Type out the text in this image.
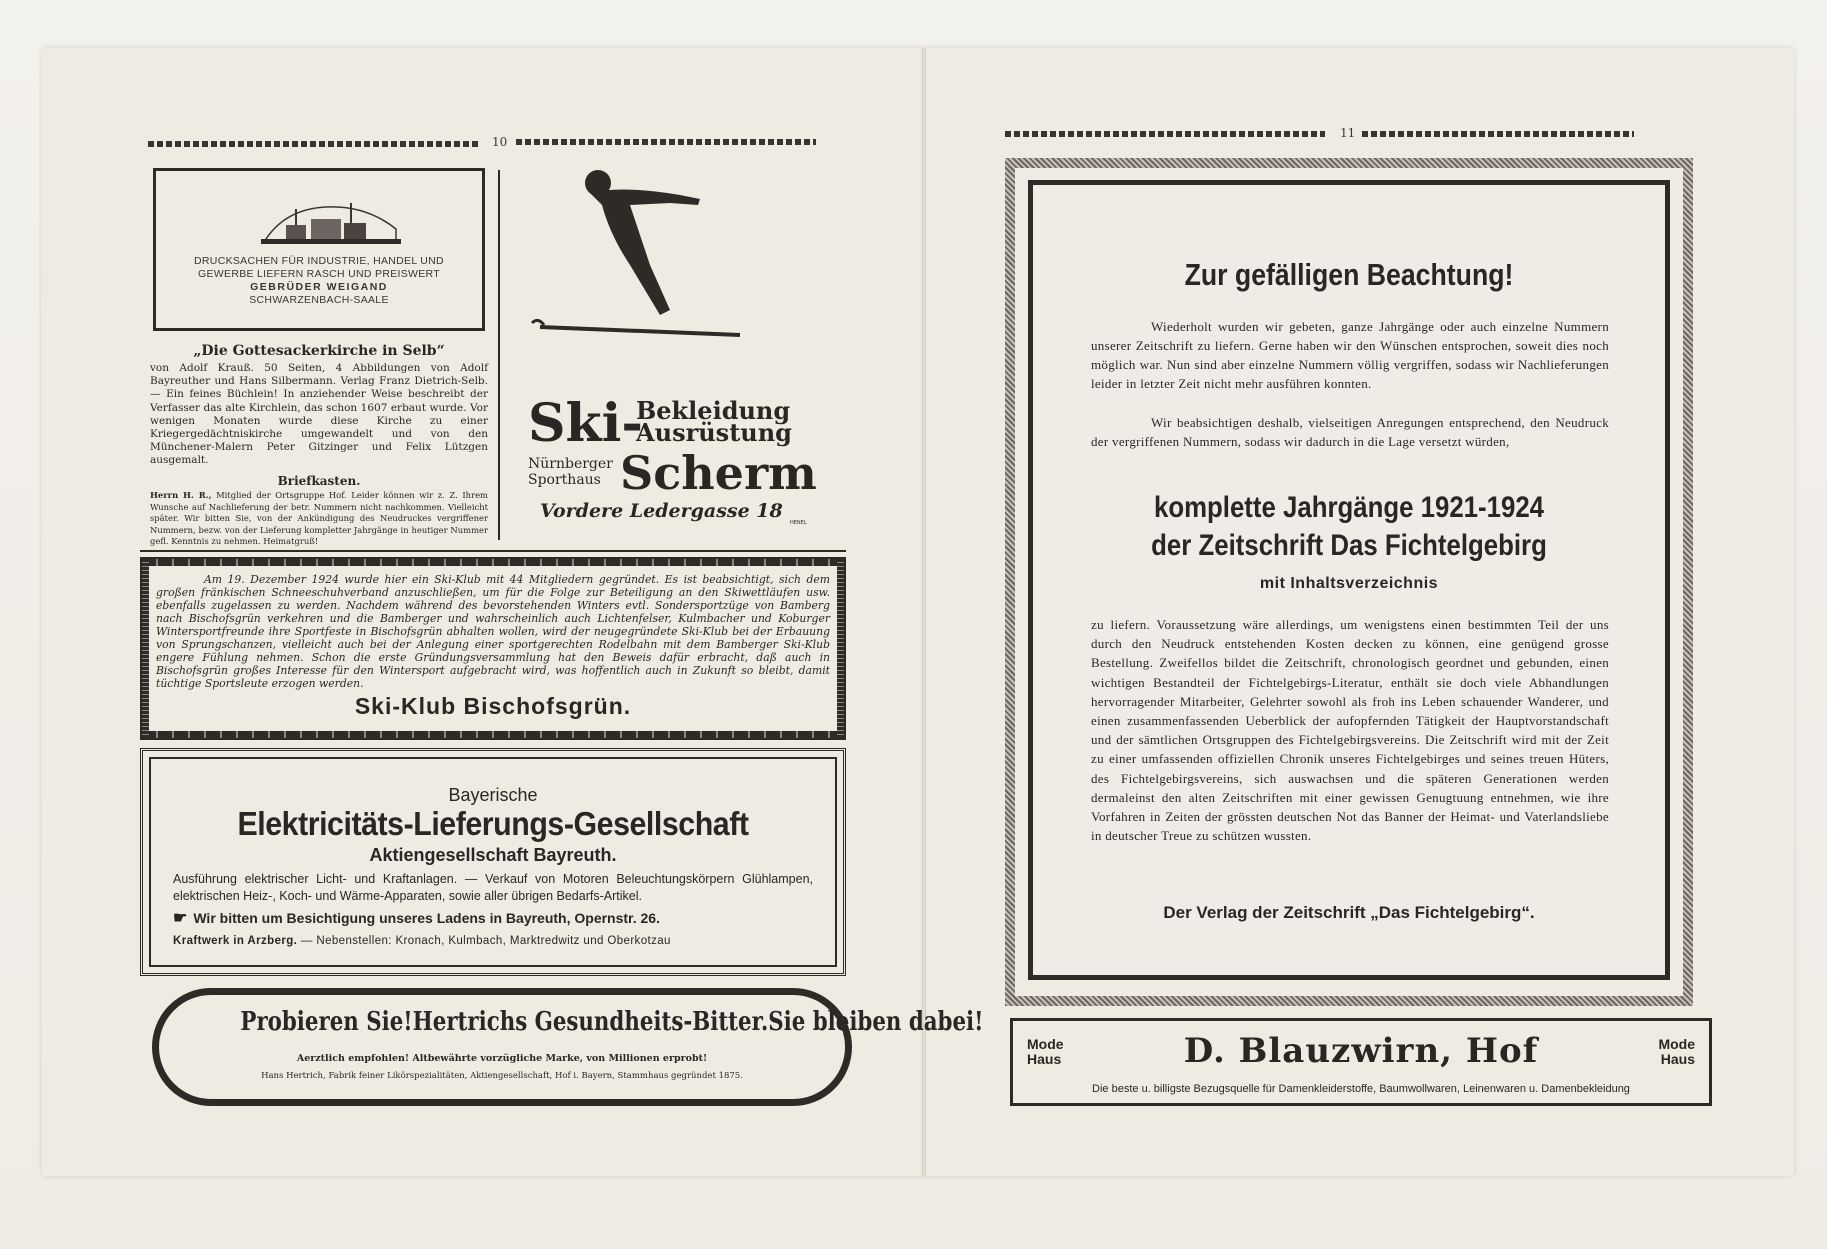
10
11
DRUCKSACHEN FÜR INDUSTRIE, HANDEL UND
GEWERBE LIEFERN RASCH UND PREISWERT
GEBRÜDER WEIGAND
SCHWARZENBACH-SAALE
„Die Gottesackerkirche in Selb“
von Adolf Krauß. 50 Seiten, 4 Abbildungen von Adolf Bayreuther und Hans Silbermann. Verlag Franz Dietrich-Selb.— Ein feines Büchlein! In anziehender Weise beschreibt der Verfasser das alte Kirchlein, das schon 1607 erbaut wurde. Vor wenigen Monaten wurde diese Kirche zu einer Kriegergedächtniskirche umgewandelt und von den Münchener-Malern Peter Gitzinger und Felix Lützgen ausgemalt.
Briefkasten.
Herrn H. R., Mitglied der Ortsgruppe Hof. Leider können wir z. Z. Ihrem Wunsche auf Nachlieferung der betr. Nummern nicht nachkommen. Vielleicht später. Wir bitten Sie, von der Ankündigung des Neudruckes vergriffener Nummern, bezw. von der Lieferung kompletter Jahrgänge in heutiger Nummer gefl. Kenntnis zu nehmen. Heimatgruß!
Ski-
Bekleidung
Ausrüstung
Nürnberger
Sporthaus Scherm
Vordere Ledergasse 18
HENEL
Am 19. Dezember 1924 wurde hier ein Ski-Klub mit 44 Mitgliedern gegründet. Es ist beabsichtigt, sich dem großen fränkischen Schneeschuhverband anzuschließen, um für die Folge zur Beteiligung an den Skiwettläufen usw. ebenfalls zugelassen zu werden. Nachdem während des bevorstehenden Winters evtl. Sondersportzüge von Bamberg nach Bischofsgrün verkehren und die Bamberger und wahrscheinlich auch Lichtenfelser, Kulmbacher und Koburger Wintersportfreunde ihre Sportfeste in Bischofsgrün abhalten wollen, wird der neugegründete Ski-Klub bei der Erbauung von Sprungschanzen, vielleicht auch bei der Anlegung einer sportgerechten Rodelbahn mit dem Bamberger Ski-Klub engere Fühlung nehmen. Schon die erste Gründungsversammlung hat den Beweis dafür erbracht, daß auch in Bischofsgrün großes Interesse für den Wintersport aufgebracht wird, was hoffentlich auch in Zukunft so bleibt, damit tüchtige Sportsleute erzogen werden.
Ski-Klub Bischofsgrün.
Bayerische
Elektricitäts-Lieferungs-Gesellschaft
Aktiengesellschaft Bayreuth.
Ausführung elektrischer Licht- und Kraftanlagen. — Verkauf von Motoren Beleuchtungskörpern Glühlampen, elektrischen Heiz-, Koch- und Wärme-Apparaten, sowie aller übrigen Bedarfs-Artikel.
☛ Wir bitten um Besichtigung unseres Ladens in Bayreuth, Opernstr. 26.
Kraftwerk in Arzberg. — Nebenstellen: Kronach, Kulmbach, Marktredwitz und Oberkotzau
Probieren Sie! Hertrichs Gesundheits-Bitter. Sie bleiben dabei!
Aerztlich empfohlen! Altbewährte vorzügliche Marke, von Millionen erprobt!
Hans Hertrich, Fabrik feiner Likörspezialitäten, Aktiengesellschaft, Hof i. Bayern, Stammhaus gegründet 1875.
Zur gefälligen Beachtung!
Wiederholt wurden wir gebeten, ganze Jahrgänge oder auch einzelne Nummern unserer Zeitschrift zu liefern. Gerne haben wir den Wünschen entsprochen, soweit dies noch möglich war. Nun sind aber einzelne Nummern völlig vergriffen, sodass wir Nachlieferungen leider in letzter Zeit nicht mehr ausführen konnten.
Wir beabsichtigen deshalb, vielseitigen Anregungen entsprechend, den Neudruck der vergriffenen Nummern, sodass wir dadurch in die Lage versetzt würden,
komplette Jahrgänge 1921-1924
der Zeitschrift Das Fichtelgebirg
mit Inhaltsverzeichnis
zu liefern. Voraussetzung wäre allerdings, um wenigstens einen bestimmten Teil der uns durch den Neudruck entstehenden Kosten decken zu können, eine genügend grosse Bestellung. Zweifellos bildet die Zeitschrift, chronologisch geordnet und gebunden, einen wichtigen Bestandteil der Fichtelgebirgs-Literatur, enthält sie doch viele Abhandlungen hervorragender Mitarbeiter, Gelehrter sowohl als froh ins Leben schauender Wanderer, und einen zusammenfassenden Ueberblick der aufopfernden Tätigkeit der Hauptvorstandschaft und der sämtlichen Ortsgruppen des Fichtelgebirgsvereins. Die Zeitschrift wird mit der Zeit zu einer umfassenden offiziellen Chronik unseres Fichtelgebirges und seines treuen Hüters, des Fichtelgebirgsvereins, sich auswachsen und die späteren Generationen werden dermaleinst den alten Zeitschriften mit einer gewissen Genugtuung entnehmen, wie ihre Vorfahren in Zeiten der grössten deutschen Not das Banner der Heimat- und Vaterlandsliebe in deutscher Treue zu schützen wussten.
Der Verlag der Zeitschrift „Das Fichtelgebirg“.
Mode
Haus	D. Blauzwirn, Hof	Mode
Haus
Die beste u. billigste Bezugsquelle für Damenkleiderstoffe, Baumwollwaren, Leinenwaren u. Damenbekleidung
